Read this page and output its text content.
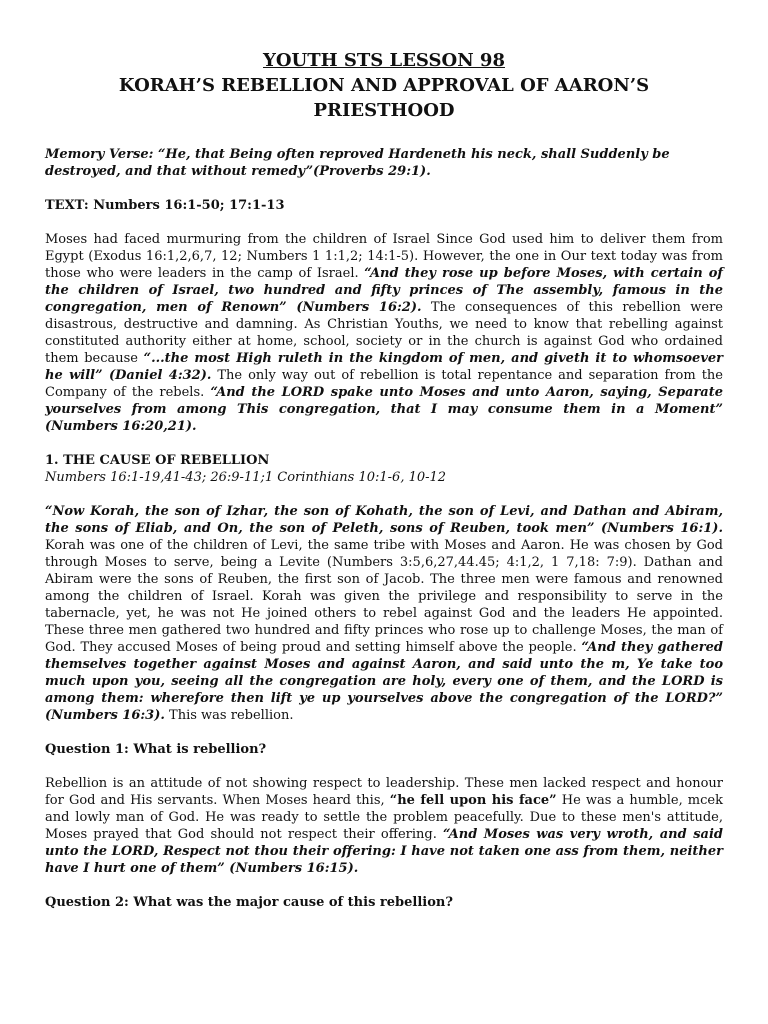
YOUTH STS LESSON 98
KORAH’S REBELLION AND APPROVAL OF AARON’S
PRIESTHOOD

Memory Verse: “He, that Being often reproved Hardeneth his neck, shall Suddenly be destroyed, and that without remedy”(Proverbs 29:1).

TEXT: Numbers 16:1-50; 17:1-13

Moses had faced murmuring from the children of Israel Since God used him to deliver them from Egypt (Exodus 16:1,2,6,7, 12; Numbers 1 1:1,2; 14:1-5). However, the one in Our text today was from those who were leaders in the camp of Israel. “And they rose up before Moses, with certain of the children of Israel, two hundred and fifty princes of The assembly, famous in the congregation, men of Renown” (Numbers 16:2). The consequences of this rebellion were disastrous, destructive and damning. As Christian Youths, we need to know that rebelling against constituted authority either at home, school, society or in the church is against God who ordained them because “...the most High ruleth in the kingdom of men, and giveth it to whomsoever he will” (Daniel 4:32). The only way out of rebellion is total repentance and separation from the Company of the rebels. “And the LORD spake unto Moses and unto Aaron, saying, Separate yourselves from among This congregation, that I may consume them in a Moment” (Numbers 16:20,21).

1. THE CAUSE OF REBELLION

Numbers 16:1-19,41-43; 26:9-11;1 Corinthians 10:1-6, 10-12

“Now Korah, the son of Izhar, the son of Kohath, the son of Levi, and Dathan and Abiram, the sons of Eliab, and On, the son of Peleth, sons of Reuben, took men” (Numbers 16:1). Korah was one of the children of Levi, the same tribe with Moses and Aaron. He was chosen by God through Moses to serve, being a Levite (Numbers 3:5,6,27,44.45; 4:1,2, 1 7,18: 7:9). Dathan and Abiram were the sons of Reuben, the first son of Jacob. The three men were famous and renowned among the children of Israel. Korah was given the privilege and responsibility to serve in the tabernacle, yet, he was not He joined others to rebel against God and the leaders He appointed. These three men gathered two hundred and fifty princes who rose up to challenge Moses, the man of God. They accused Moses of being proud and setting himself above the people. “And they gathered themselves together against Moses and against Aaron, and said unto the m, Ye take too much upon you, seeing all the congregation are holy, every one of them, and the LORD is among them: wherefore then lift ye up yourselves above the congregation of the LORD?” (Numbers 16:3). This was rebellion.

Question 1: What is rebellion?

Rebellion is an attitude of not showing respect to leadership. These men lacked respect and honour for God and His servants. When Moses heard this, “he fell upon his face” He was a humble, mcek and lowly man of God. He was ready to settle the problem peacefully. Due to these men's attitude, Moses prayed that God should not respect their offering. “And Moses was very wroth, and said unto the LORD, Respect not thou their offering: I have not taken one ass from them, neither have I hurt one of them” (Numbers 16:15).

Question 2: What was the major cause of this rebellion?
